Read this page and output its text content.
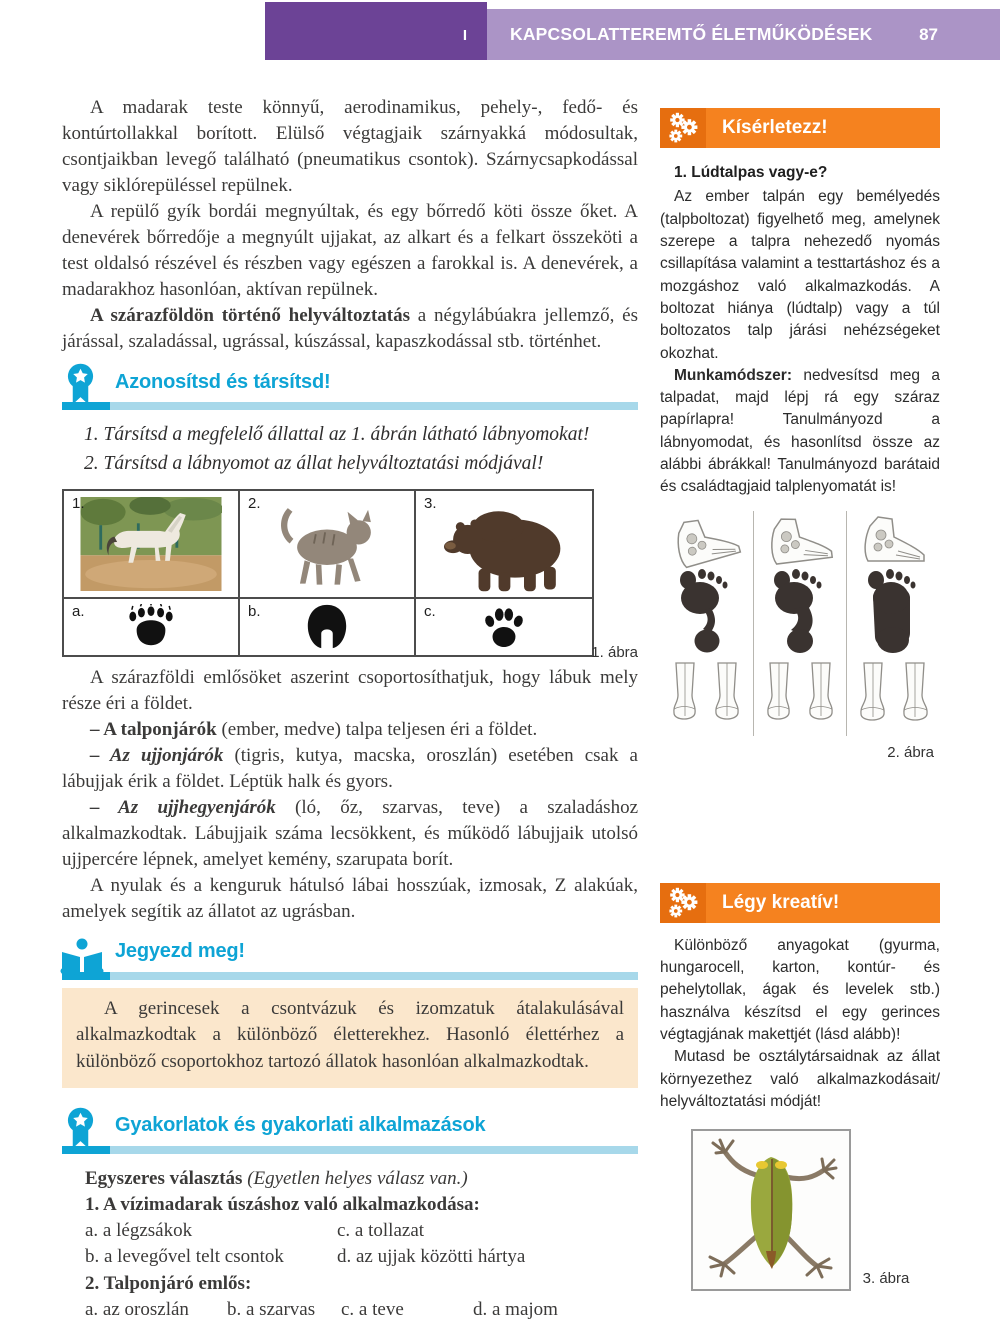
I KAPCSOLATTEREMTŐ ÉLETMŰKÖDÉSEK	87

A madarak teste könnyű, aerodinamikus, pehely-, fedő- és kontúrtollakkal borított. Elülső végtagjaik szárnyakká módosultak, csontjaikban levegő található (pneumatikus csontok). Szárnycsapkodással vagy siklórepüléssel repülnek.

A repülő gyík bordái megnyúltak, és egy bőrredő köti össze őket. A denevérek bőrredője a megnyúlt ujjakat, az alkart és a felkart összeköti a test oldalsó részével és részben vagy egészen a farokkal is. A denevérek, a madarakhoz hasonlóan, aktívan repülnek.

A szárazföldön történő helyváltoztatás a négylábúakra jellemző, és járással, szaladással, ugrással, kúszással, kapaszkodással stb. történhet.

Azonosítsd és társítsd!
1. Társítsd a megfelelő állattal az 1. ábrán látható lábnyomokat!
2. Társítsd a lábnyomot az állat helyváltoztatási módjával!
1.	2.	3.
a.	b.	c.
1. ábra

A szárazföldi emlősöket aszerint csoportosíthatjuk, hogy lábuk mely része éri a földet.

– A talponjárók (ember, medve) talpa teljesen éri a földet.

– Az ujjonjárók (tigris, kutya, macska, oroszlán) esetében csak a lábujjak érik a földet. Léptük halk és gyors.

– Az ujjhegyenjárók (ló, őz, szarvas, teve) a szaladáshoz alkalmazkodtak. Lábujjaik száma lecsökkent, és működő lábujjaik utolsó ujjpercére lépnek, amelyet kemény, szarupata borít.

A nyulak és a kenguruk hátulsó lábai hosszúak, izmosak, Z alakúak, amelyek segítik az állatot az ugrásban.

Jegyezd meg!

A gerincesek a csontvázuk és izomzatuk átalakulásával alkalmazkodtak a különböző életterekhez. Hasonló élettérhez a különböző csoportokhoz tartozó állatok hasonlóan alkalmazkodtak.

Gyakorlatok és gyakorlati alkalmazások
Egyszeres választás (Egyetlen helyes válasz van.)
1. A vízimadarak úszáshoz való alkalmazkodása:
a. a légzsákok	c. a tollazat
b. a levegővel telt csontok	d. az ujjak közötti hártya
2. Talponjáró emlős:
a. az oroszlán	b. a szarvas	c. a teve	d. a majom
Kísérletezz!
1. Lúdtalpas vagy-e?

Az ember talpán egy bemélyedés (talpboltozat) figyelhető meg, amelynek szerepe a talpra nehezedő nyomás csillapítása valamint a testtartáshoz és a mozgáshoz való alkalmazkodás. A boltozat hiánya (lúdtalp) vagy a túl boltozatos talp járási nehézségeket okozhat.

Munkamódszer: nedvesítsd meg a talpadat, majd lépj rá egy száraz papírlapra! Tanulmányozd a lábnyomodat, és hasonlítsd össze az alábbi ábrákkal! Tanulmányozd barátaid és családtagjaid talplenyomatát is!

2. ábra
Légy kreatív!

Különböző anyagokat (gyurma, hungarocell, karton, kontúr- és pehelytollak, ágak és levelek stb.) használva készítsd el egy gerinces végtagjának makettjét (lásd alább)!

Mutasd be osztálytársaidnak az állat környezethez való alkalmazkodásait/ helyváltoztatási módját!

3. ábra
